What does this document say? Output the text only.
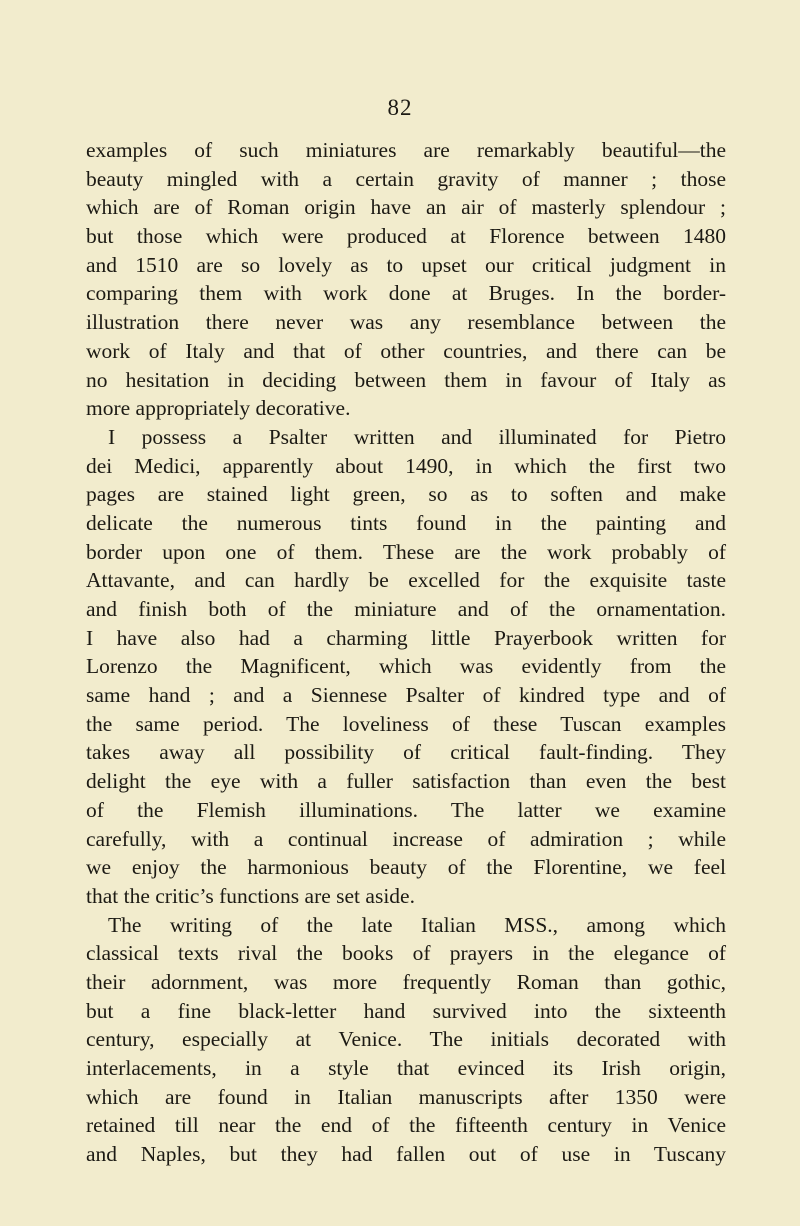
82
examples of such miniatures are remarkably beautiful—the
beauty mingled with a certain gravity of manner ; those
which are of Roman origin have an air of masterly splendour ;
but those which were produced at Florence between 1480
and 1510 are so lovely as to upset our critical judgment in
comparing them with work done at Bruges. In the border-
illustration there never was any resemblance between the
work of Italy and that of other countries, and there can be
no hesitation in deciding between them in favour of Italy as
more appropriately decorative.
I possess a Psalter written and illuminated for Pietro
dei Medici, apparently about 1490, in which the first two
pages are stained light green, so as to soften and make
delicate the numerous tints found in the painting and
border upon one of them. These are the work probably of
Attavante, and can hardly be excelled for the exquisite taste
and finish both of the miniature and of the ornamentation.
I have also had a charming little Prayerbook written for
Lorenzo the Magnificent, which was evidently from the
same hand ; and a Siennese Psalter of kindred type and of
the same period. The loveliness of these Tuscan examples
takes away all possibility of critical fault-finding. They
delight the eye with a fuller satisfaction than even the best
of the Flemish illuminations. The latter we examine
carefully, with a continual increase of admiration ; while
we enjoy the harmonious beauty of the Florentine, we feel
that the critic’s functions are set aside.
The writing of the late Italian MSS., among which
classical texts rival the books of prayers in the elegance of
their adornment, was more frequently Roman than gothic,
but a fine black-letter hand survived into the sixteenth
century, especially at Venice. The initials decorated with
interlacements, in a style that evinced its Irish origin,
which are found in Italian manuscripts after 1350 were
retained till near the end of the fifteenth century in Venice
and Naples, but they had fallen out of use in Tuscany
